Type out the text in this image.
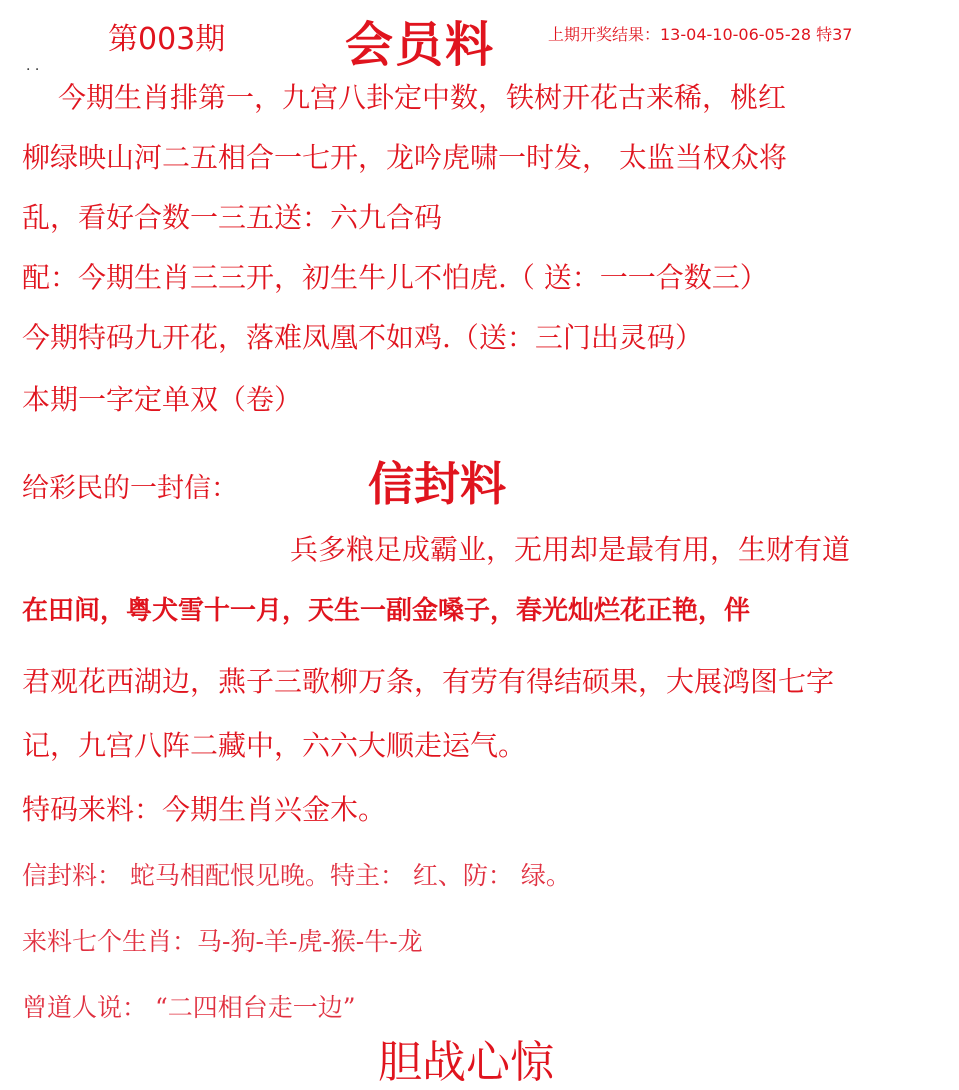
第003期 会员料	上期开奖结果：13-04-10-06-05-28 特37
· ·
今期生肖排第一，九宫八卦定中数，铁树开花古来稀，桃红
柳绿映山河二五相合一七开，龙吟虎啸一时发， 太监当权众将
乱，看好合数一三五送：六九合码
配：今期生肖三三开，初生牛儿不怕虎.（ 送：一一合数三）
今期特码九开花，落难凤凰不如鸡.（送：三门出灵码）
本期一字定单双（卷）
给彩民的一封信：	信封料
兵多粮足成霸业，无用却是最有用，生财有道
在田间，粤犬雪十一月，天生一副金嗓子，春光灿烂花正艳，伴
君观花西湖边，燕子三歌柳万条，有劳有得结硕果，大展鸿图七字
记，九宫八阵二藏中，六六大顺走运气。
特码来料：今期生肖兴金木。
信封料： 蛇马相配恨见晚。特主： 红、防： 绿。
来料七个生肖：马-狗-羊-虎-猴-牛-龙
曾道人说： “二四相台走一边”
胆战心惊
